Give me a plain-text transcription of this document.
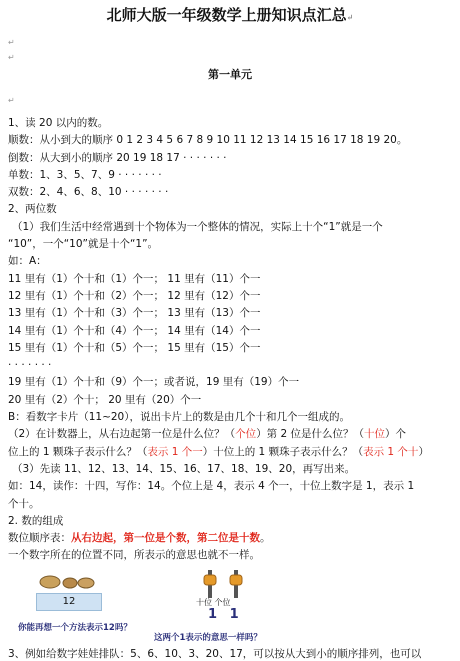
北师大版一年级数学上册知识点汇总↵
↵
↵
第一单元
↵
1、读 20 以内的数。
顺数：从小到大的顺序 0 1 2 3 4 5 6 7 8 9 10 11 12 13 14 15 16 17 18 19 20。
倒数：从大到小的顺序 20 19 18 17 · · · · · · ·
单数：1、3、5、7、9 · · · · · · ·
双数：2、4、6、8、10 · · · · · · ·
2、两位数
（1）我们生活中经常遇到十个物体为一个整体的情况，实际上十个“1”就是一个
“10”，一个“10”就是十个“1”。
如：A：
11 里有（1）个十和（1）个一； 11 里有（11）个一
12 里有（1）个十和（2）个一； 12 里有（12）个一
13 里有（1）个十和（3）个一； 13 里有（13）个一
14 里有（1）个十和（4）个一； 14 里有（14）个一
15 里有（1）个十和（5）个一； 15 里有（15）个一
· · · · · · ·
19 里有（1）个十和（9）个一；或者说，19 里有（19）个一
20 里有（2）个十； 20 里有（20）个一
B：看数字卡片（11~20），说出卡片上的数是由几个十和几个一组成的。
（2）在计数器上，从右边起第一位是什么位？（个位）第 2 位是什么位？（十位）个
位上的 1 颗珠子表示什么？（表示 1 个一）十位上的 1 颗珠子表示什么？（表示 1 个十）
（3）先读 11、12、13、14、15、16、17、18、19、20，再写出来。
如：14，读作：十四，写作：14。个位上是 4，表示 4 个一，十位上数字是 1，表示 1
个十。
2. 数的组成
数位顺序表：从右边起，第一位是个数，第二位是十数。
一个数字所在的位置不同，所表示的意思也就不一样。
12
你能再想一个方法表示12吗？
十位 个位
1 1
这两个1表示的意思一样吗？
3、例如给数字娃娃排队：5、6、10、3、20、17，可以按从大到小的顺序排列，也可以
